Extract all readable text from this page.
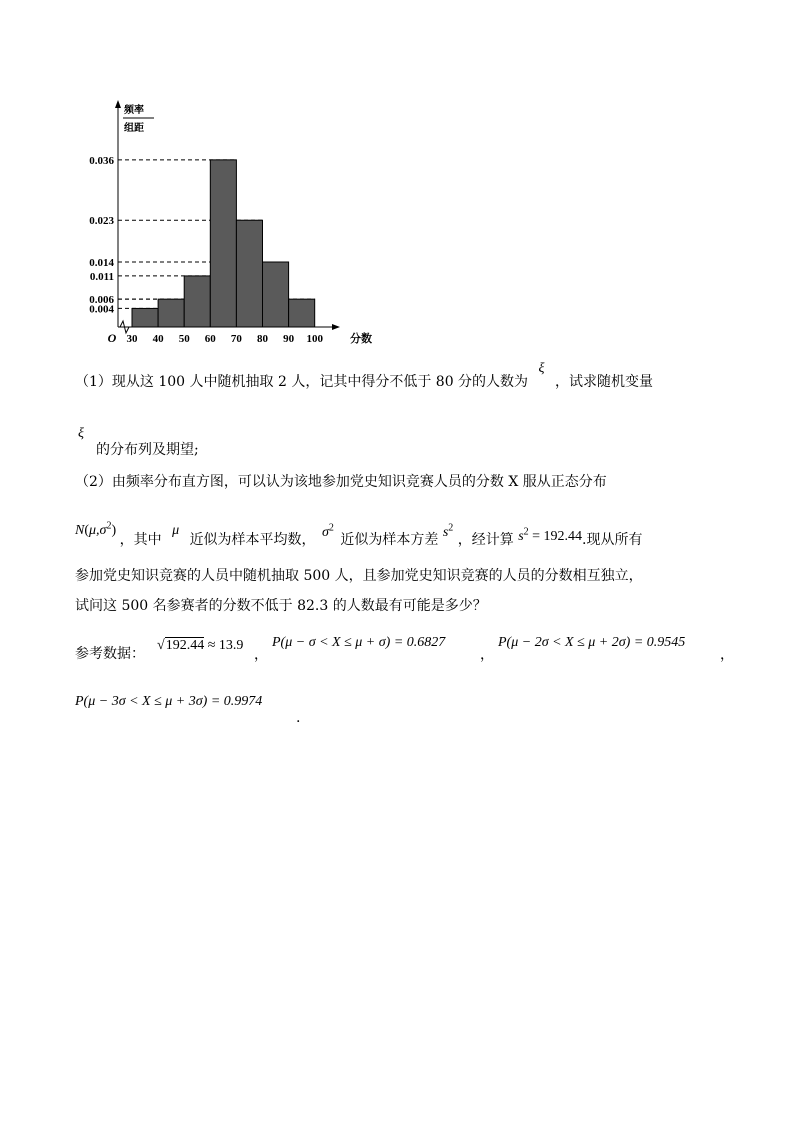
0.036
0.023
0.014
0.011
0.006
0.004
30 40 50 60 70 80 90 100
O	分数
频率
组距
（1）现从这 100 人中随机抽取 2 人，记其中得分不低于 80 分的人数为 ξ ，试求随机变量
ξ
的分布列及期望;
（2）由频率分布直方图，可以认为该地参加党史知识竞赛人员的分数 X 服从正态分布
$N(\mu,\sigma^2)$ ，其中 μ 近似为样本平均数， $\sigma^2$ 近似为样本方差 $s^2$ ，经计算 $s^2 = 192.44$.现从所有
参加党史知识竞赛的人员中随机抽取 500 人，且参加党史知识竞赛的人员的分数相互独立，
试问这 500 名参赛者的分数不低于 82.3 的人数最有可能是多少？
参考数据：
√192.44 ≈ 13.9
，
P(μ − σ < X ≤ μ + σ) = 0.6827
，
P(μ − 2σ < X ≤ μ + 2σ) = 0.9545
，
P(μ − 3σ < X ≤ μ + 3σ) = 0.9974
.
